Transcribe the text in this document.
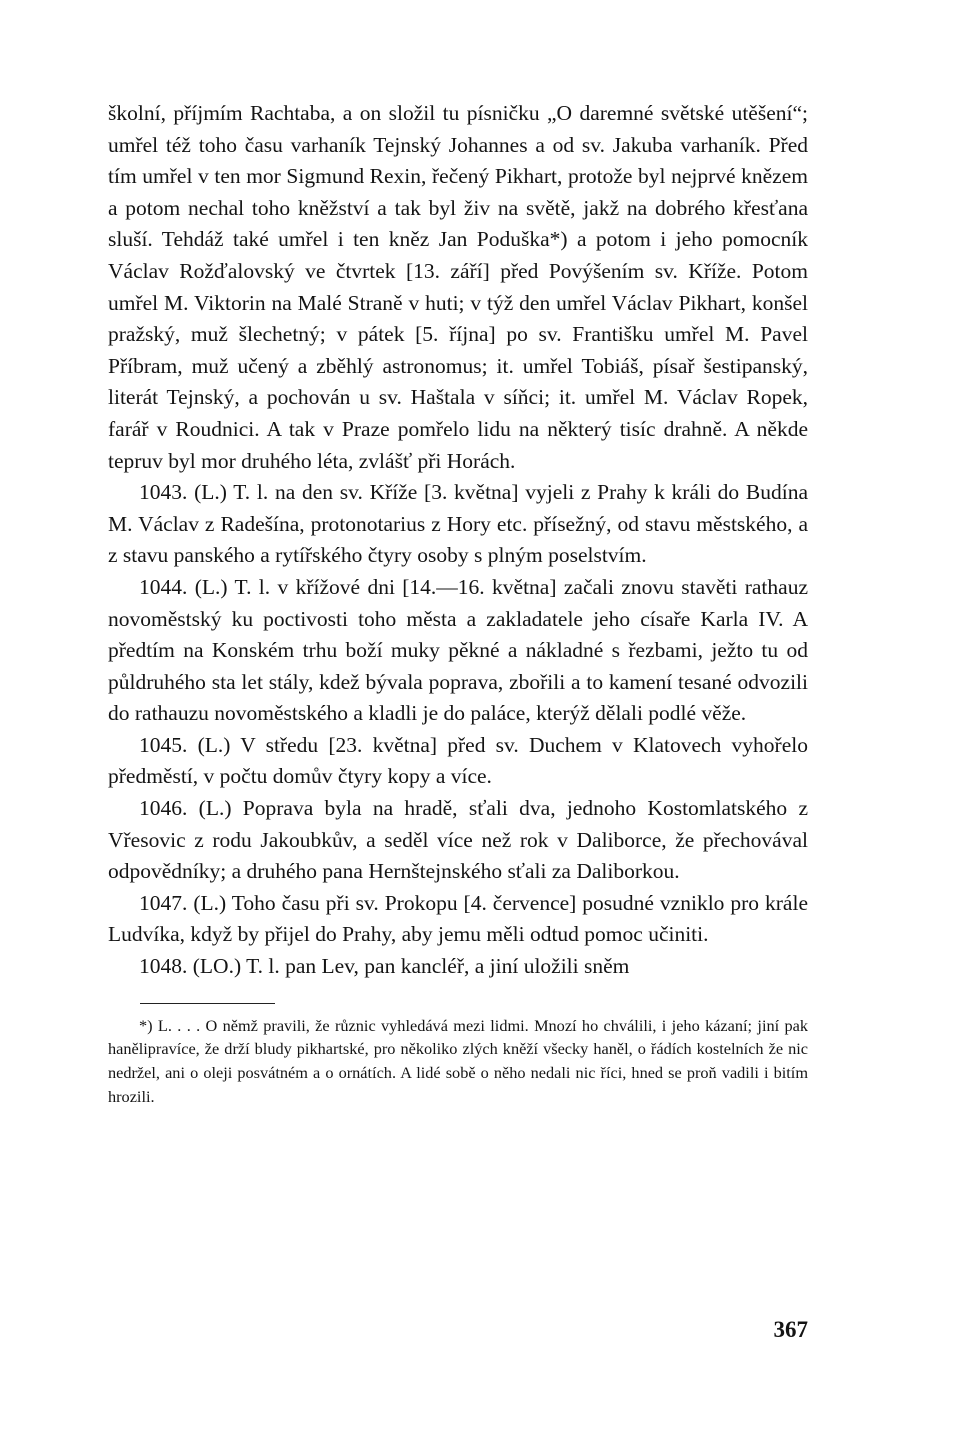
školní, příjmím Rachtaba, a on složil tu písničku „O daremné světské utěšení“; umřel též toho času varhaník Tejnský Johannes a od sv. Jakuba varhaník. Před tím umřel v ten mor Sigmund Rexin, řečený Pikhart, protože byl nejprvé knězem a potom nechal toho kněžství a tak byl živ na světě, jakž na dobrého křesťana sluší. Tehdáž také umřel i ten kněz Jan Poduška*) a potom i jeho pomocník Václav Rožďalovský ve čtvrtek [13. září] před Povýšením sv. Kříže. Potom umřel M. Viktorin na Malé Straně v huti; v týž den umřel Václav Pikhart, konšel pražský, muž šlechetný; v pátek [5. října] po sv. Františku umřel M. Pavel Příbram, muž učený a zběhlý astronomus; it. umřel Tobiáš, písař šestipanský, literát Tejnský, a pochován u sv. Haštala v síňci; it. umřel M. Václav Ropek, farář v Roudnici. A tak v Praze pomřelo lidu na některý tisíc drahně. A někde tepruv byl mor druhého léta, zvlášť při Horách.

1043. (L.) T. l. na den sv. Kříže [3. května] vyjeli z Prahy k králi do Budína M. Václav z Radešína, protonotarius z Hory etc. přísežný, od stavu městského, a z stavu panského a rytířského čtyry osoby s plným poselstvím.

1044. (L.) T. l. v křížové dni [14.—16. května] začali znovu stavěti rathauz novoměstský ku poctivosti toho města a zakladatele jeho císaře Karla IV. A předtím na Konském trhu boží muky pěkné a nákladné s řezbami, ježto tu od půldruhého sta let stály, kdež bývala poprava, zbořili a to kamení tesané odvozili do rathauzu novoměstského a kladli je do paláce, kterýž dělali podlé věže.

1045. (L.) V středu [23. května] před sv. Duchem v Klatovech vyhořelo předměstí, v počtu domův čtyry kopy a více.

1046. (L.) Poprava byla na hradě, sťali dva, jednoho Kostomlatského z Vřesovic z rodu Jakoubkův, a seděl více než rok v Daliborce, že přechovával odpovědníky; a druhého pana Hernštejnského sťali za Daliborkou.

1047. (L.) Toho času při sv. Prokopu [4. července] posudné vzniklo pro krále Ludvíka, když by přijel do Prahy, aby jemu měli odtud pomoc učiniti.

1048. (LO.) T. l. pan Lev, pan kancléř, a jiní uložili sněm

*) L. . . . O němž pravili, že různic vyhledává mezi lidmi. Mnozí ho chválili, i jeho kázaní; jiní pak hanělipravíce, že drží bludy pikhartské, pro několiko zlých kněží všecky haněl, o řádích kostelních že nic nedržel, ani o oleji posvátném a o ornátích. A lidé sobě o něho nedali nic říci, hned se proň vadili i bitím hrozili.

367
